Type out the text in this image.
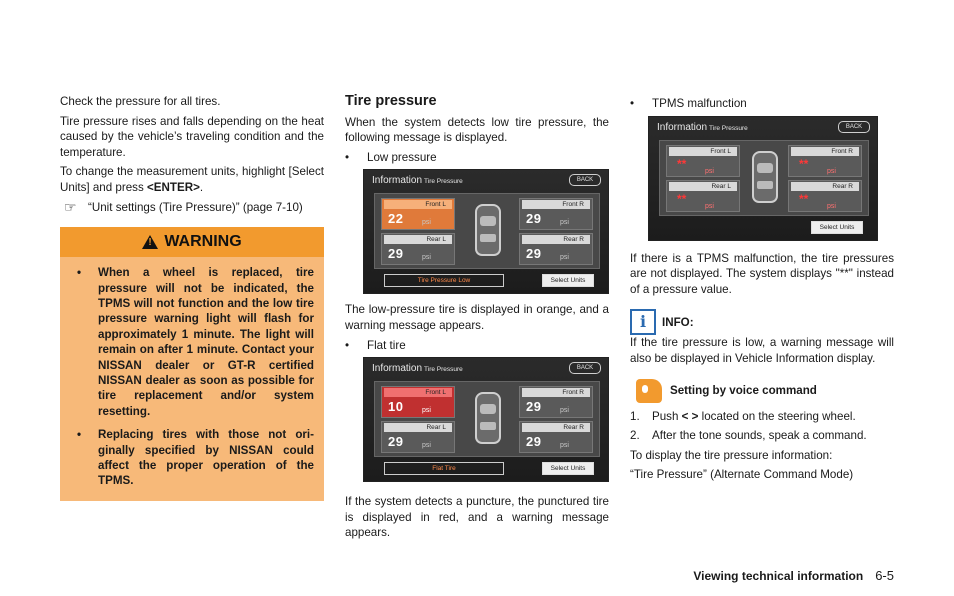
Check the pressure for all tires.

Tire pressure rises and falls depending on the heat caused by the vehicle’s traveling condition and the temperature.

To change the measurement units, highlight [Select Units] and press <ENTER>.

☞ “Unit settings (Tire Pressure)” (page 7-10)
!
WARNING
•	When a wheel is replaced, tire pressure will not be indicated, the TPMS will not function and the low tire pressure warning light will flash for approximately 1 minute. The light will remain on after 1 minute. Contact your NISSAN dealer or GT-R certified NISSAN dealer as soon as possible for tire replacement and/or system resetting.
•	Replacing tires with those not ori-ginally specified by NISSAN could affect the proper operation of the TPMS.
Tire pressure

When the system detects low tire pressure, the following message is displayed.

•	Low pressure
Information Tire Pressure	BACK
Front L
22	psi
Front R
29	psi
Rear L
29	psi
Rear R
29	psi
Tire Pressure Low	Select Units

The low-pressure tire is displayed in orange, and a warning message appears.

•	Flat tire
Information Tire Pressure	BACK
Front L
10	psi
Front R
29	psi
Rear L
29	psi
Rear R
29	psi
Flat Tire	Select Units

If the system detects a puncture, the punctured tire is displayed in red, and a warning message appears.

•	TPMS malfunction
Information Tire Pressure	BACK
Front L
**
psi
Front R
**
psi
Rear L
**
psi
Rear R
**
psi
Select Units

If there is a TPMS malfunction, the tire pressures are not displayed. The system displays "**" instead of a pressure value.

i	INFO:

If the tire pressure is low, a warning message will also be displayed in Vehicle Information display.

Setting by voice command
1.	Push < > located on the steering wheel.
2.	After the tone sounds, speak a command.

To display the tire pressure information:

“Tire Pressure” (Alternate Command Mode)

Viewing technical information 6-5
